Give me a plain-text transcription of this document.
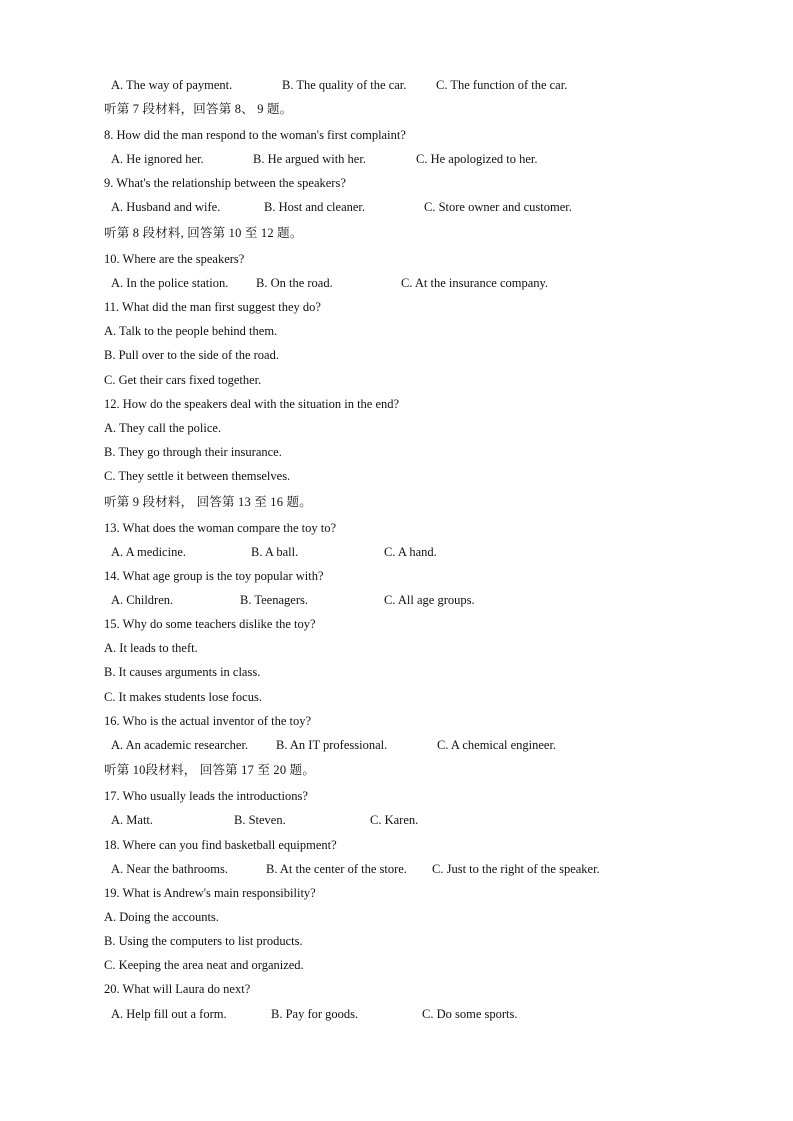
A. The way of payment.	B. The quality of the car. C. The function of the car.
听第 7 段材料，回答第 8、 9 题。
8. How did the man respond to the woman's first complaint?
A. He ignored her.	B. He argued with her.	C. He apologized to her.
9. What's the relationship between the speakers?
A. Husband and wife.	B. Host and cleaner.	C. Store owner and customer.
听第 8 段材料, 回答第 10 至 12 题。
10. Where are the speakers?
A. In the police station. B. On the road.	C. At the insurance company.
11. What did the man first suggest they do?
A. Talk to the people behind them.
B. Pull over to the side of the road.
C. Get their cars fixed together.
12. How do the speakers deal with the situation in the end?
A. They call the police.
B. They go through their insurance.
C. They settle it between themselves.
听第 9 段材料， 回答第 13 至 16 题。
13. What does the woman compare the toy to?
A. A medicine.	B. A ball.	C. A hand.
14. What age group is the toy popular with?
A. Children.	B. Teenagers.	C. All age groups.
15. Why do some teachers dislike the toy?
A. It leads to theft.
B. It causes arguments in class.
C. It makes students lose focus.
16. Who is the actual inventor of the toy?
A. An academic researcher. B. An IT professional.	C. A chemical engineer.
听第 10段材料， 回答第 17 至 20 题。
17. Who usually leads the introductions?
A. Matt.	B. Steven.	C. Karen.
18. Where can you find basketball equipment?
A. Near the bathrooms.	B. At the center of the store. C. Just to the right of the speaker.
19. What is Andrew's main responsibility?
A. Doing the accounts.
B. Using the computers to list products.
C. Keeping the area neat and organized.
20. What will Laura do next?
A. Help fill out a form.	B. Pay for goods.	C. Do some sports.
